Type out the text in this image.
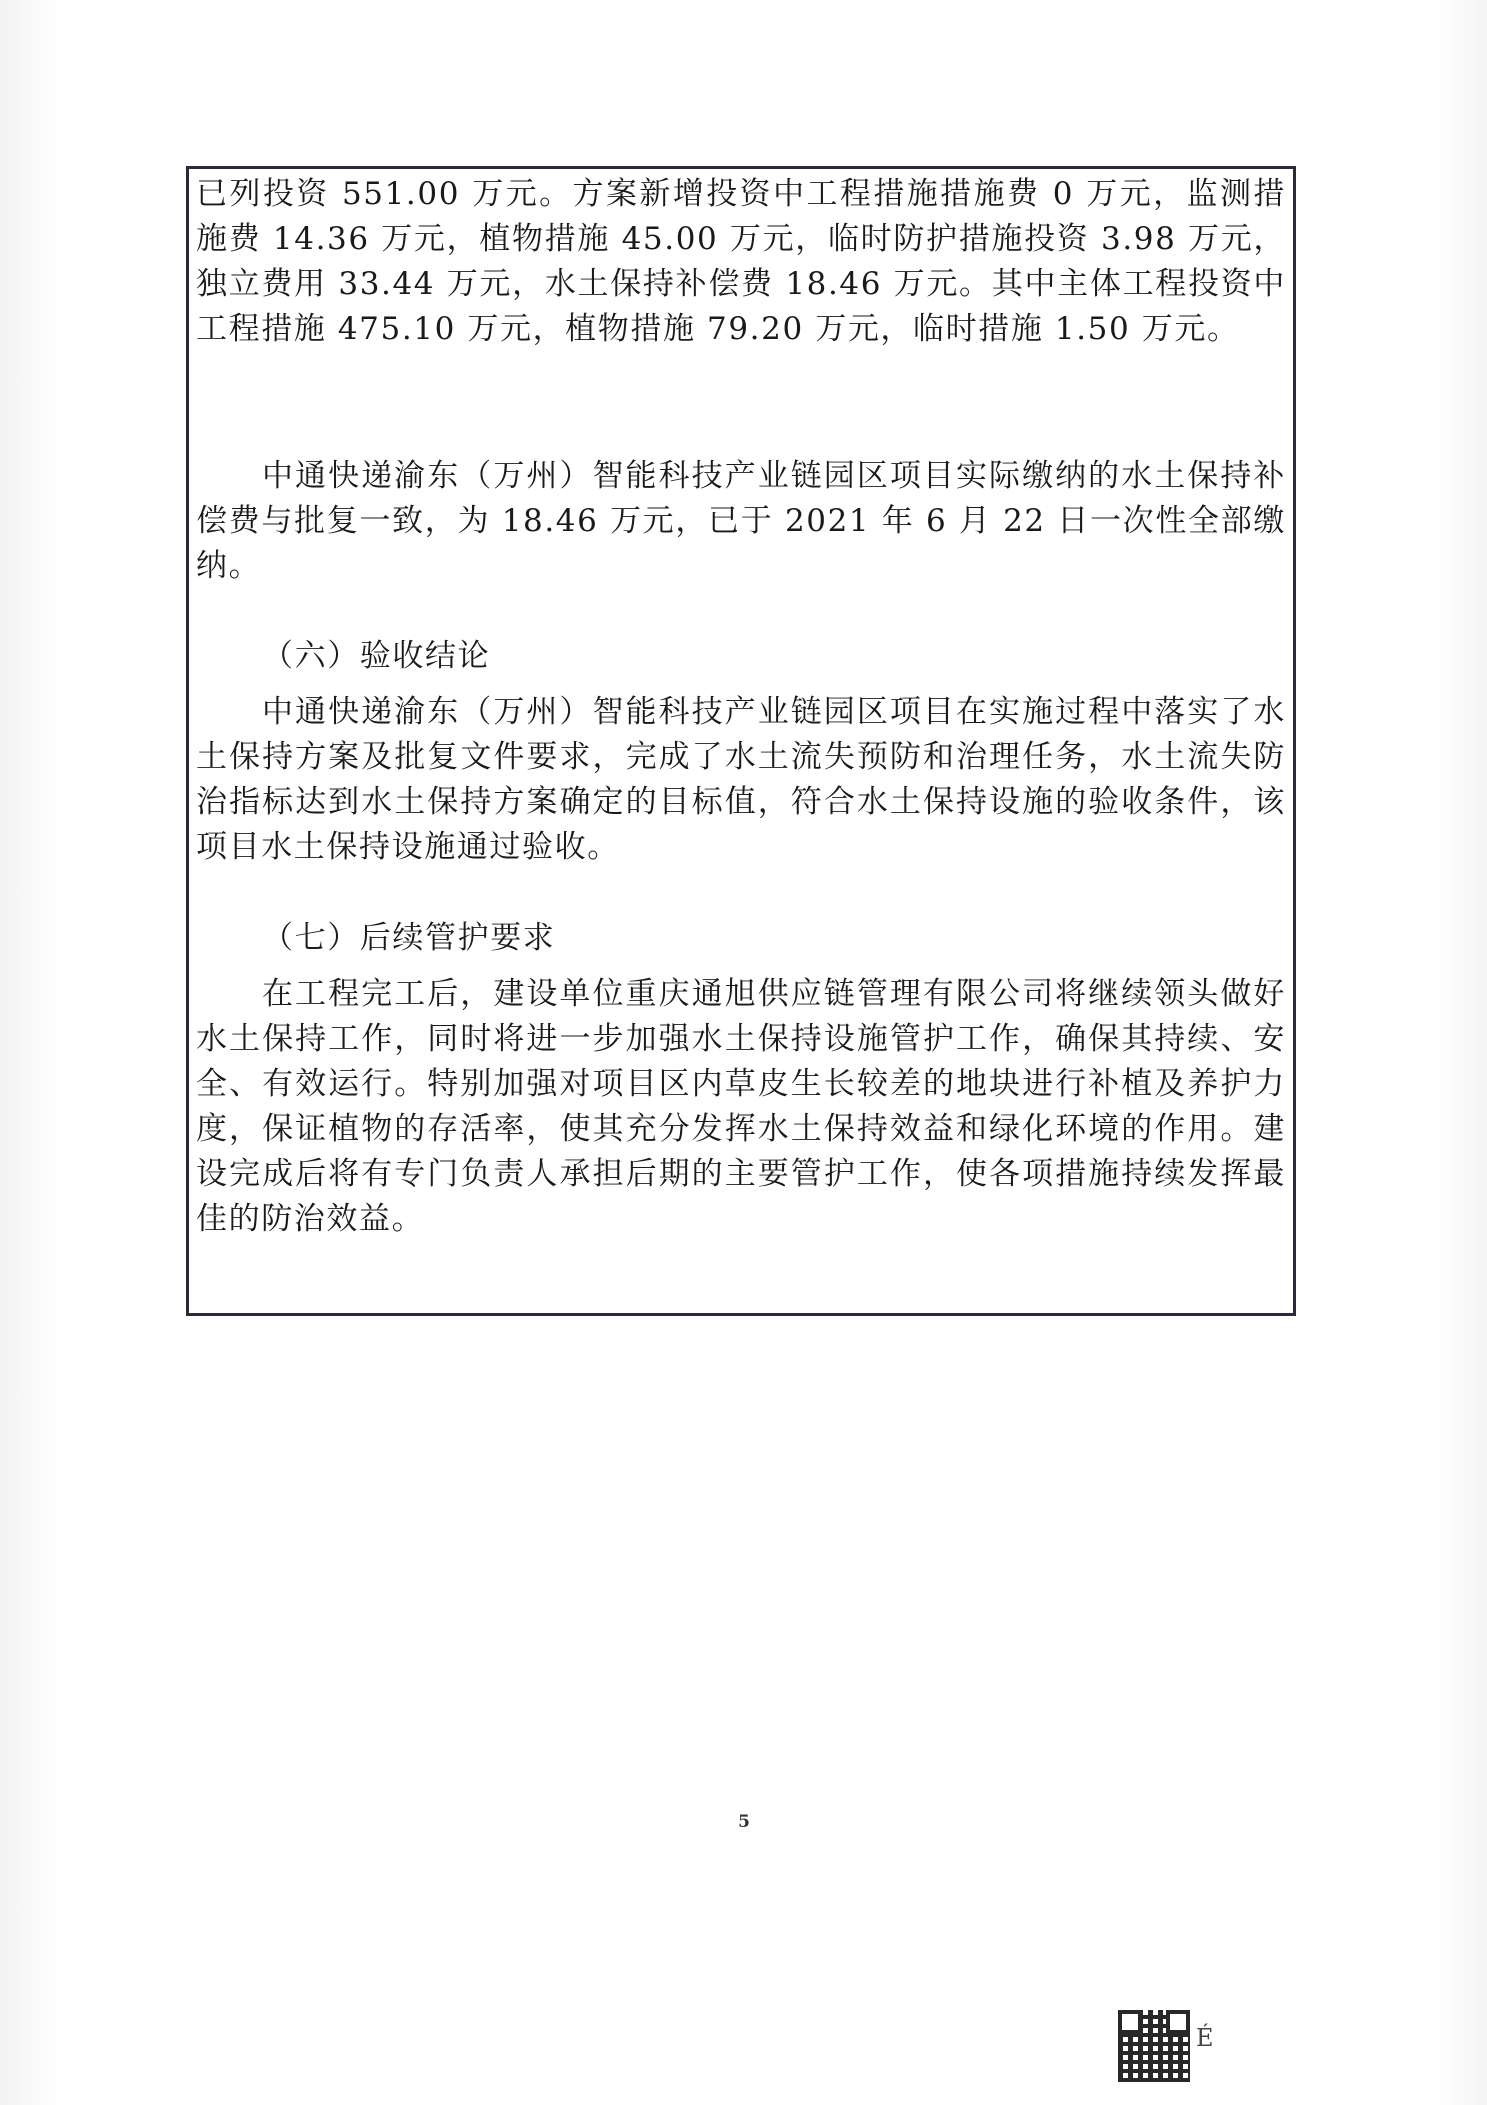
已列投资 551.00 万元。方案新增投资中工程措施措施费 0 万元，监测措施费 14.36 万元，植物措施 45.00 万元，临时防护措施投资 3.98 万元，独立费用 33.44 万元，水土保持补偿费 18.46 万元。其中主体工程投资中工程措施 475.10 万元，植物措施 79.20 万元，临时措施 1.50 万元。

中通快递渝东（万州）智能科技产业链园区项目实际缴纳的水土保持补偿费与批复一致，为 18.46 万元，已于 2021 年 6 月 22 日一次性全部缴纳。

（六）验收结论

中通快递渝东（万州）智能科技产业链园区项目在实施过程中落实了水土保持方案及批复文件要求，完成了水土流失预防和治理任务，水土流失防治指标达到水土保持方案确定的目标值，符合水土保持设施的验收条件，该项目水土保持设施通过验收。

（七）后续管护要求

在工程完工后，建设单位重庆通旭供应链管理有限公司将继续领头做好水土保持工作，同时将进一步加强水土保持设施管护工作，确保其持续、安全、有效运行。特别加强对项目区内草皮生长较差的地块进行补植及养护力度，保证植物的存活率，使其充分发挥水土保持效益和绿化环境的作用。建设完成后将有专门负责人承担后期的主要管护工作，使各项措施持续发挥最佳的防治效益。

5
É
